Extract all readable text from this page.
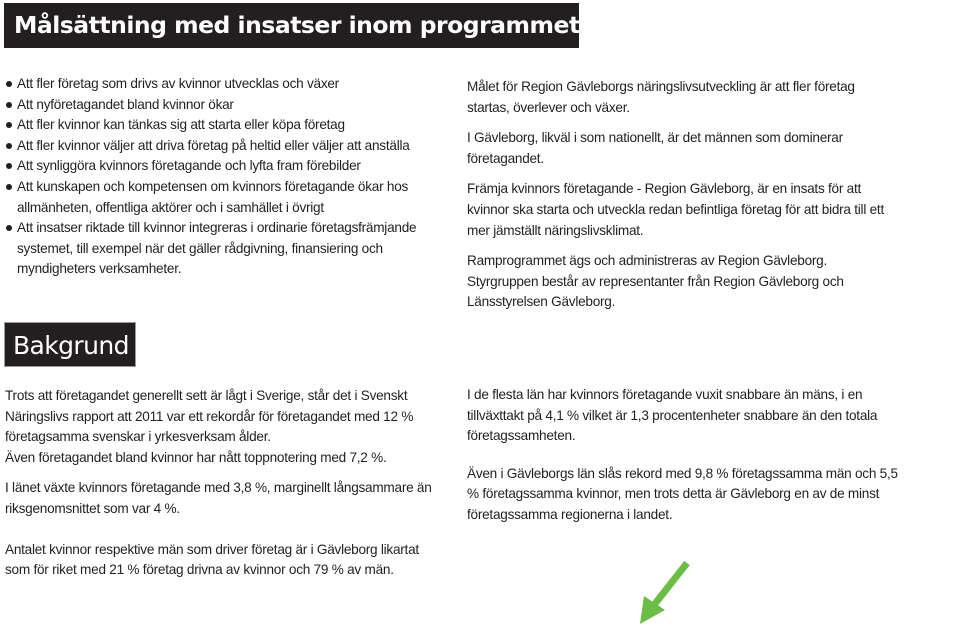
Målsättning med insatser inom programmet:
Att fler företag som drivs av kvinnor utvecklas och växer
Att nyföretagandet bland kvinnor ökar
Att fler kvinnor kan tänkas sig att starta eller köpa företag
Att fler kvinnor väljer att driva företag på heltid eller väljer att anställa
Att synliggöra kvinnors företagande och lyfta fram förebilder
Att kunskapen och kompetensen om kvinnors företagande ökar hos allmänheten, offentliga aktörer och i samhället i övrigt
Att insatser riktade till kvinnor integreras i ordinarie företagsfrämjande systemet, till exempel när det gäller rådgivning, finansiering och myndigheters verksamheter.

Målet för Region Gävleborgs näringslivsutveckling är att fler företag startas, överlever och växer.

I Gävleborg, likväl i som nationellt, är det männen som dominerar företagandet.

Främja kvinnors företagande - Region Gävleborg, är en insats för att kvinnor ska starta och utveckla redan befintliga företag för att bidra till ett mer jämställt näringslivsklimat.

Ramprogrammet ägs och administreras av Region Gävleborg.

Styrgruppen består av representanter från Region Gävleborg och Länsstyrelsen Gävleborg.

Bakgrund

Trots att företagandet generellt sett är lågt i Sverige, står det i Svenskt Näringslivs rapport att 2011 var ett rekordår för företagandet med 12 % företagsamma svenskar i yrkesverksam ålder.

Även företagandet bland kvinnor har nått toppnotering med 7,2 %.

I länet växte kvinnors företagande med 3,8 %, marginellt långsammare än riksgenomsnittet som var 4 %.

Antalet kvinnor respektive män som driver företag är i Gävleborg likartat som för riket med 21 % företag drivna av kvinnor och 79 % av män.

I de flesta län har kvinnors företagande vuxit snabbare än mäns, i en tillväxttakt på 4,1 % vilket är 1,3 procentenheter snabbare än den totala företagssamheten.

Även i Gävleborgs län slås rekord med 9,8 % företagssamma män och 5,5 % företagssamma kvinnor, men trots detta är Gävleborg en av de minst företagssamma regionerna i landet.
